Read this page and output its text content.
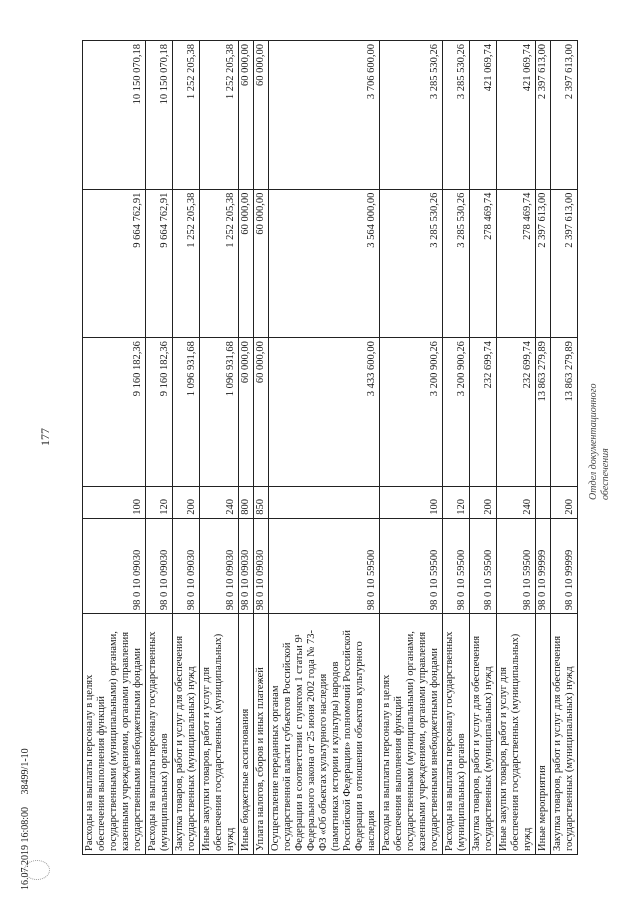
177
Расходы на выплаты персоналу в целях обеспечения выполнения функций государственными (муниципальными) органами, казенными учреждениями, органами управления государственными внебюджетными фондами	98 0 10 09030	100	9 160 182,36	9 664 762,91	10 150 070,18
Расходы на выплаты персоналу государственных (муниципальных) органов	98 0 10 09030	120	9 160 182,36	9 664 762,91	10 150 070,18
Закупка товаров, работ и услуг для обеспечения государственных (муниципальных) нужд	98 0 10 09030	200	1 096 931,68	1 252 205,38	1 252 205,38
Иные закупки товаров, работ и услуг для обеспечения государственных (муниципальных) нужд	98 0 10 09030	240	1 096 931,68	1 252 205,38	1 252 205,38
Иные бюджетные ассигнования	98 0 10 09030	800	60 000,00	60 000,00	60 000,00
Уплата налогов, сборов и иных платежей	98 0 10 09030	850	60 000,00	60 000,00	60 000,00
Осуществление переданных органам государственной власти субъектов Российской Федерации в соответствии с пунктом 1 статьи 9¹ Федерального закона от 25 июня 2002 года № 73-ФЗ «Об объектах культурного наследия (памятниках истории и культуры) народов Российской Федерации» полномочий Российской Федерации в отношении объектов культурного наследия	98 0 10 59500		3 433 600,00	3 564 000,00	3 706 600,00
Расходы на выплаты персоналу в целях обеспечения выполнения функций государственными (муниципальными) органами, казенными учреждениями, органами управления государственными внебюджетными фондами	98 0 10 59500	100	3 200 900,26	3 285 530,26	3 285 530,26
Расходы на выплаты персоналу государственных (муниципальных) органов	98 0 10 59500	120	3 200 900,26	3 285 530,26	3 285 530,26
Закупка товаров, работ и услуг для обеспечения государственных (муниципальных) нужд	98 0 10 59500	200	232 699,74	278 469,74	421 069,74
Иные закупки товаров, работ и услуг для обеспечения государственных (муниципальных) нужд	98 0 10 59500	240	232 699,74	278 469,74	421 069,74
Иные мероприятия	98 0 10 99999		13 863 279,89	2 397 613,00	2 397 613,00
Закупка товаров, работ и услуг для обеспечения государственных (муниципальных) нужд	98 0 10 99999	200	13 863 279,89	2 397 613,00	2 397 613,00
Отдел документационного обеспечения
16.07.2019 16:08:00     38499/1-10
